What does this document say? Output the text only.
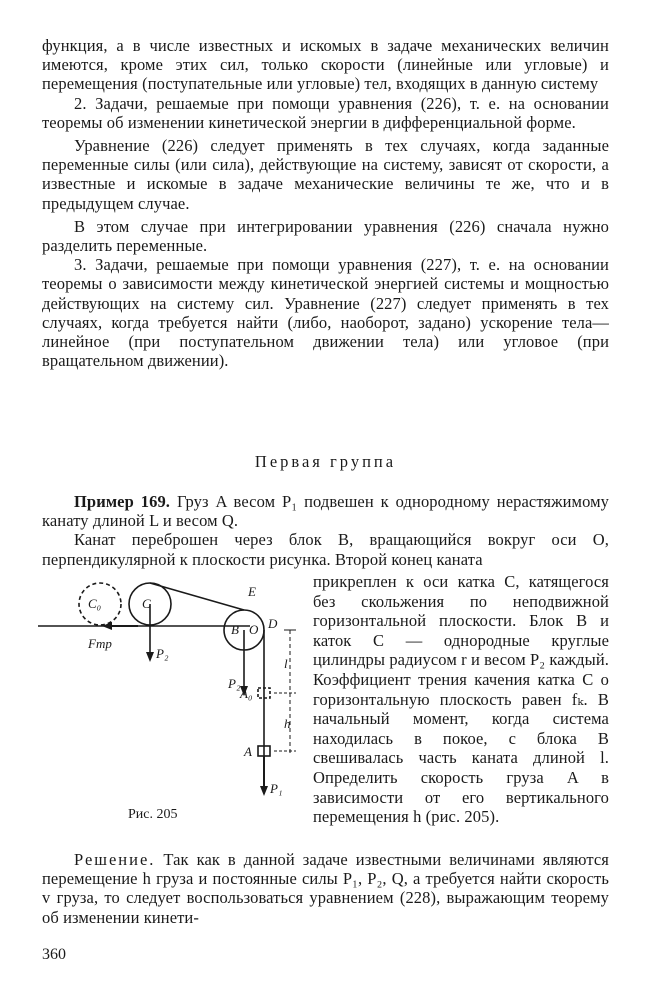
функция, а в числе известных и искомых в задаче механических величин имеются, кроме этих сил, только скорости (линейные или угловые) и перемещения (поступательные или угловые) тел, входящих в данную систему

2. Задачи, решаемые при помощи уравнения (226), т. е. на основании теоремы об изменении кинетической энергии в дифференциальной форме.

Уравнение (226) следует применять в тех случаях, когда заданные переменные силы (или сила), действующие на систему, зависят от скорости, а известные и искомые в задаче механические величины те же, что и в предыдущем случае.

В этом случае при интегрировании уравнения (226) сначала нужно разделить переменные.

3. Задачи, решаемые при помощи уравнения (227), т. е. на основании теоремы о зависимости между кинетической энергией системы и мощностью действующих на систему сил. Уравнение (227) следует применять в тех случаях, когда требуется найти (либо, наоборот, задано) ускорение тела—линейное (при поступательном движении тела) или угловое (при вращательном движении).

Первая группа

Пример 169. Груз A весом P₁ подвешен к однородному нерастяжимому канату длиной L и весом Q.

Канат переброшен через блок B, вращающийся вокруг оси O, перпендикулярной к плоскости рисунка. Второй конец каната

C₀	C
E
B O D
Fтр
P₂
P₂
l
h
A₀
A
P₁

прикреплен к оси катка C, катящегося без скольжения по неподвижной горизонтальной плоскости. Блок B и каток C — однородные круглые цилиндры радиусом r и весом P₂ каждый. Коэффициент трения качения катка C о горизонтальную плоскость равен fₖ. В начальный момент, когда система находилась в покое, с блока B свешивалась часть каната длиной l. Определить скорость груза A в зависимости от его вертикального перемещения h (рис. 205).

Рис. 205

Решение. Так как в данной задаче известными величинами являются перемещение h груза и постоянные силы P₁, P₂, Q, а требуется найти скорость v груза, то следует воспользоваться уравнением (228), выражающим теорему об изменении кинети-

360
